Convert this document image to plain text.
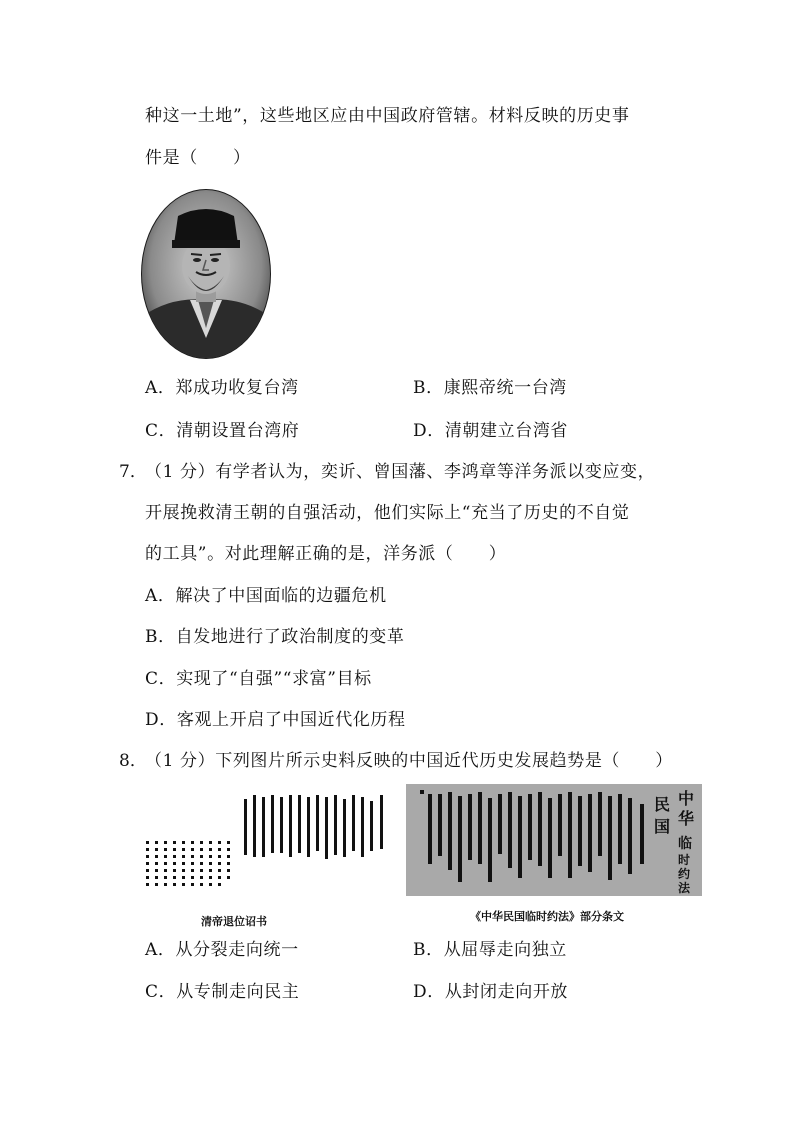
种这一土地”，这些地区应由中国政府管辖。材料反映的历史事
件是（　　）
A．郑成功收复台湾	B．康熙帝统一台湾
C．清朝设置台湾府	D．清朝建立台湾省
7．
（1 分）有学者认为，奕䜣、曾国藩、李鸿章等洋务派以变应变，
开展挽救清王朝的自强活动，他们实际上“充当了历史的不自觉
的工具”。对此理解正确的是，洋务派（　　）
A．解决了中国面临的边疆危机
B．自发地进行了政治制度的变革
C．实现了“自强”“求富”目标
D．客观上开启了中国近代化历程
8．
（1 分）下列图片所示史料反映的中国近代历史发展趋势是（　　）
清帝退位诏书
中
华
民
国
临
时
约
法
《中华民国临时约法》部分条文
A．从分裂走向统一	B．从屈辱走向独立
C．从专制走向民主	D．从封闭走向开放
